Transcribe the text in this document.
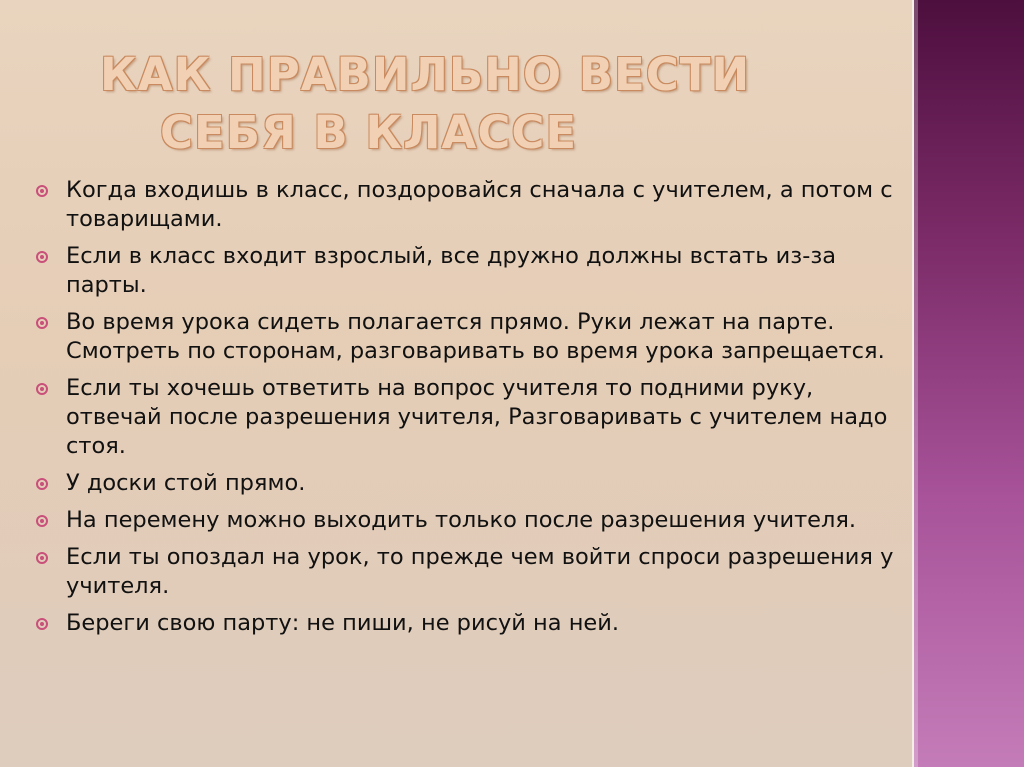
КАК ПРАВИЛЬНО ВЕСТИ
СЕБЯ В КЛАССЕ
Когда входишь в класс, поздоровайся сначала с учителем, а потом с товарищами.
Если в класс входит взрослый, все дружно должны встать из-за парты.
Во время урока сидеть полагается прямо. Руки лежат на парте. Смотреть по сторонам, разговаривать во время урока запрещается.
Если ты хочешь ответить на вопрос учителя то подними руку, отвечай после разрешения учителя, Разговаривать с учителем надо стоя.
У доски стой прямо.
На перемену можно выходить только после разрешения учителя.
Если ты опоздал на урок, то прежде чем войти спроси разрешения у учителя.
Береги свою парту: не пиши, не рисуй на ней.
